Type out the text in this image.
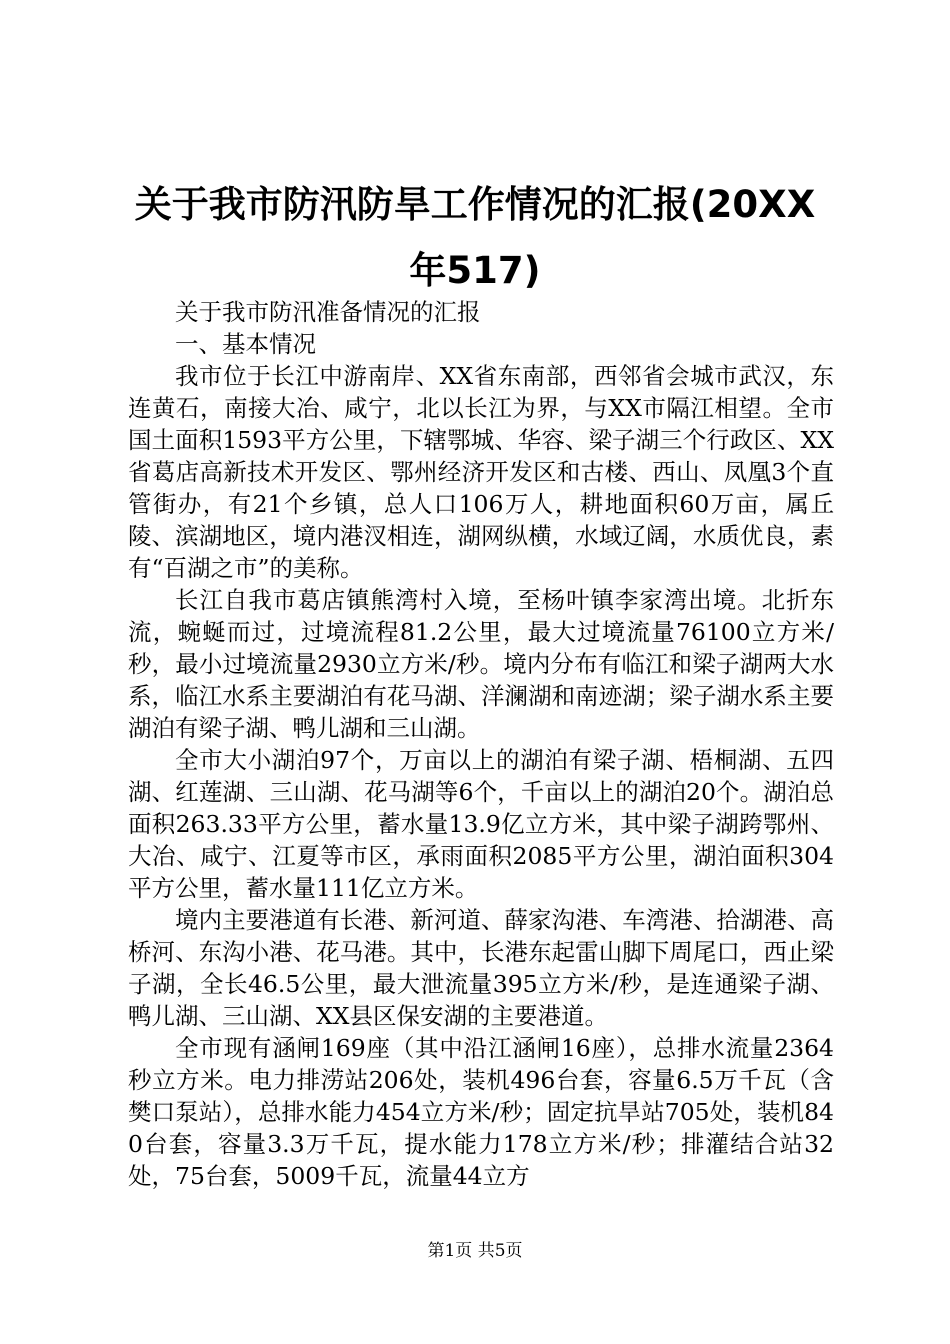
关于我市防汛防旱工作情况的汇报(20XX年517)

关于我市防汛准备情况的汇报

一、基本情况

我市位于长江中游南岸、XX省东南部，西邻省会城市武汉，东连黄石，南接大冶、咸宁，北以长江为界，与XX市隔江相望。全市国土面积1593平方公里，下辖鄂城、华容、梁子湖三个行政区、XX省葛店高新技术开发区、鄂州经济开发区和古楼、西山、凤凰3个直管街办，有21个乡镇，总人口106万人，耕地面积60万亩，属丘陵、滨湖地区，境内港汊相连，湖网纵横，水域辽阔，水质优良，素有“百湖之市”的美称。

长江自我市葛店镇熊湾村入境，至杨叶镇李家湾出境。北折东流，蜿蜒而过，过境流程81.2公里，最大过境流量76100立方米/秒，最小过境流量2930立方米/秒。境内分布有临江和梁子湖两大水系，临江水系主要湖泊有花马湖、洋澜湖和南迹湖；梁子湖水系主要湖泊有梁子湖、鸭儿湖和三山湖。

全市大小湖泊97个，万亩以上的湖泊有梁子湖、梧桐湖、五四湖、红莲湖、三山湖、花马湖等6个，千亩以上的湖泊20个。湖泊总面积263.33平方公里，蓄水量13.9亿立方米，其中梁子湖跨鄂州、大冶、咸宁、江夏等市区，承雨面积2085平方公里，湖泊面积304平方公里，蓄水量111亿立方米。

境内主要港道有长港、新河道、薛家沟港、车湾港、拾湖港、高桥河、东沟小港、花马港。其中，长港东起雷山脚下周尾口，西止梁子湖，全长46.5公里，最大泄流量395立方米/秒，是连通梁子湖、鸭儿湖、三山湖、XX县区保安湖的主要港道。

全市现有涵闸169座（其中沿江涵闸16座），总排水流量2364秒立方米。电力排涝站206处，装机496台套，容量6.5万千瓦（含樊口泵站），总排水能力454立方米/秒；固定抗旱站705处，装机840台套，容量3.3万千瓦，提水能力178立方米/秒；排灌结合站32处，75台套，5009千瓦，流量44立方

第1页 共5页
